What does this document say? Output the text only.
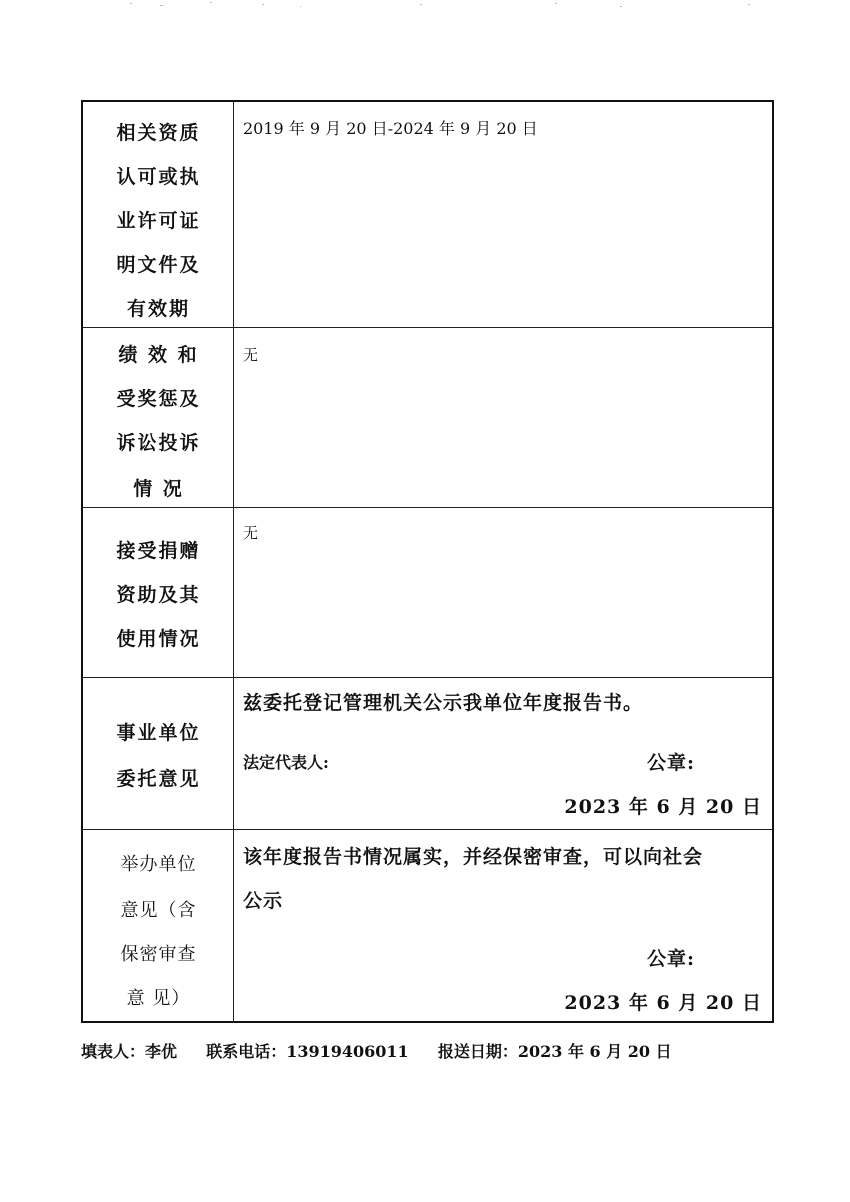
相关资质
认可或执
业许可证
明文件及
有效期
2019 年 9 月 20 日-2024 年 9 月 20 日
绩 效 和
受奖惩及
诉讼投诉
情 况
无
接受捐赠
资助及其
使用情况
无
事业单位
委托意见
兹委托登记管理机关公示我单位年度报告书。
法定代表人:	公章:
2023 年 6 月 20 日
举办单位
意见（含
保密审查
意 见）
该年度报告书情况属实，并经保密审查，可以向社会
公示
公章:
2023 年 6 月 20 日
填表人：李优 联系电话：13919406011 报送日期：2023 年 6 月 20 日
